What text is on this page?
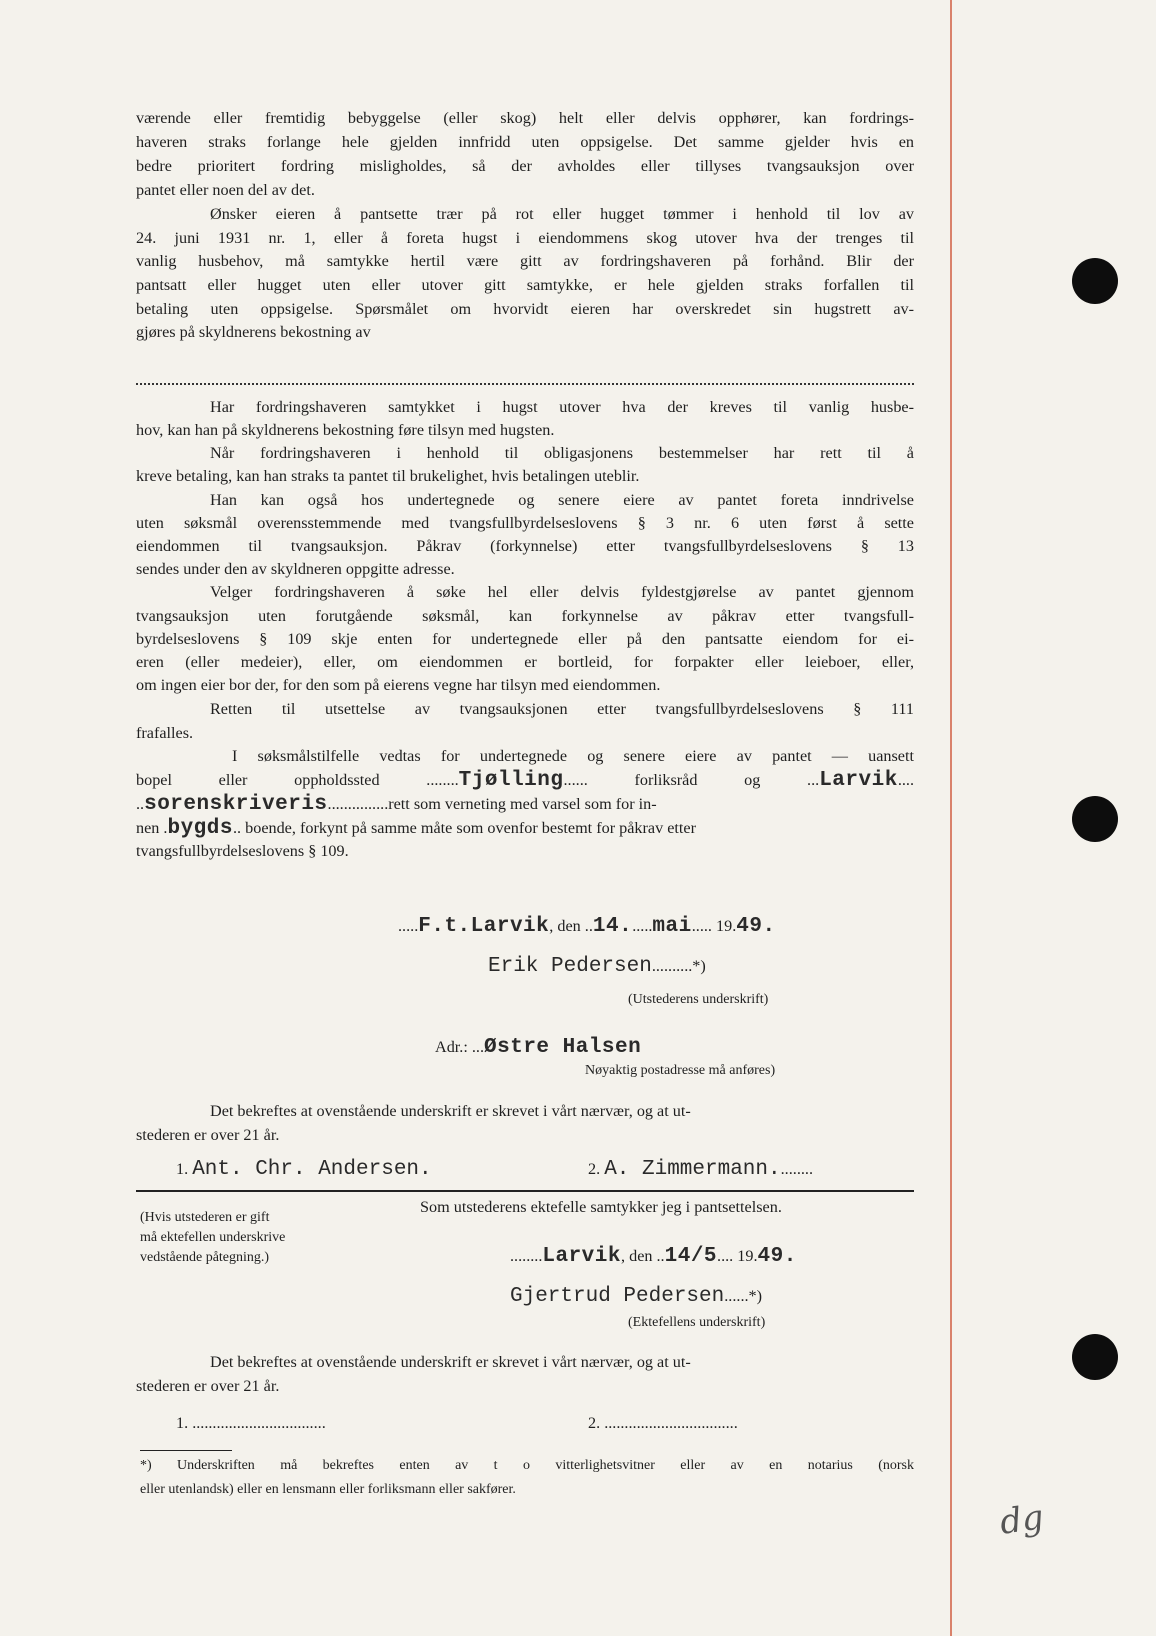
værende eller fremtidig bebyggelse (eller skog) helt eller delvis opphører, kan fordrings-
haveren straks forlange hele gjelden innfridd uten oppsigelse. Det samme gjelder hvis en
bedre prioritert fordring misligholdes, så der avholdes eller tillyses tvangsauksjon over
pantet eller noen del av det.
Ønsker eieren å pantsette trær på rot eller hugget tømmer i henhold til lov av
24. juni 1931 nr. 1, eller å foreta hugst i eiendommens skog utover hva der trenges til
vanlig husbehov, må samtykke hertil være gitt av fordringshaveren på forhånd. Blir der
pantsatt eller hugget uten eller utover gitt samtykke, er hele gjelden straks forfallen til
betaling uten oppsigelse. Spørsmålet om hvorvidt eieren har overskredet sin hugstrett av-
gjøres på skyldnerens bekostning av
Har fordringshaveren samtykket i hugst utover hva der kreves til vanlig husbe-
hov, kan han på skyldnerens bekostning føre tilsyn med hugsten.
Når fordringshaveren i henhold til obligasjonens bestemmelser har rett til å
kreve betaling, kan han straks ta pantet til brukelighet, hvis betalingen uteblir.
Han kan også hos undertegnede og senere eiere av pantet foreta inndrivelse
uten søksmål overensstemmende med tvangsfullbyrdelseslovens § 3 nr. 6 uten først å sette
eiendommen til tvangsauksjon. Påkrav (forkynnelse) etter tvangsfullbyrdelseslovens § 13
sendes under den av skyldneren oppgitte adresse.
Velger fordringshaveren å søke hel eller delvis fyldestgjørelse av pantet gjennom
tvangsauksjon uten forutgående søksmål, kan forkynnelse av påkrav etter tvangsfull-
byrdelseslovens § 109 skje enten for undertegnede eller på den pantsatte eiendom for ei-
eren (eller medeier), eller, om eiendommen er bortleid, for forpakter eller leieboer, eller,
om ingen eier bor der, for den som på eierens vegne har tilsyn med eiendommen.
Retten til utsettelse av tvangsauksjonen etter tvangsfullbyrdelseslovens § 111
frafalles.
I søksmålstilfelle vedtas for undertegnede og senere eiere av pantet — uansett
bopel eller oppholdssted ........Tjølling...... forliksråd og ...Larvik....
..sorenskriveris...............rett som verneting med varsel som for in-
nen .bygds.. boende, forkynt på samme måte som ovenfor bestemt for påkrav etter
tvangsfullbyrdelseslovens § 109.
.....F.t.Larvik, den ..14......mai..... 19.49.
Erik Pedersen..........*)
(Utstederens underskrift)
Adr.: ...Østre Halsen
Nøyaktig postadresse må anføres)
Det bekreftes at ovenstående underskrift er skrevet i vårt nærvær, og at ut-
stederen er over 21 år.
1. Ant. Chr. Andersen.	2. A. Zimmermann.........
(Hvis utstederen er gift
må ektefellen underskrive
vedstående påtegning.)
Som utstederens ektefelle samtykker jeg i pantsettelsen.
........Larvik, den ..14/5.... 19.49.
Gjertrud Pedersen......*)
(Ektefellens underskrift)
Det bekreftes at ovenstående underskrift er skrevet i vårt nærvær, og at ut-
stederen er over 21 år.
1. .................................	2. .................................
*) Underskriften må bekreftes enten av t o vitterlighetsvitner eller av en notarius (norsk
eller utenlandsk) eller en lensmann eller forliksmann eller sakfører.
dg
